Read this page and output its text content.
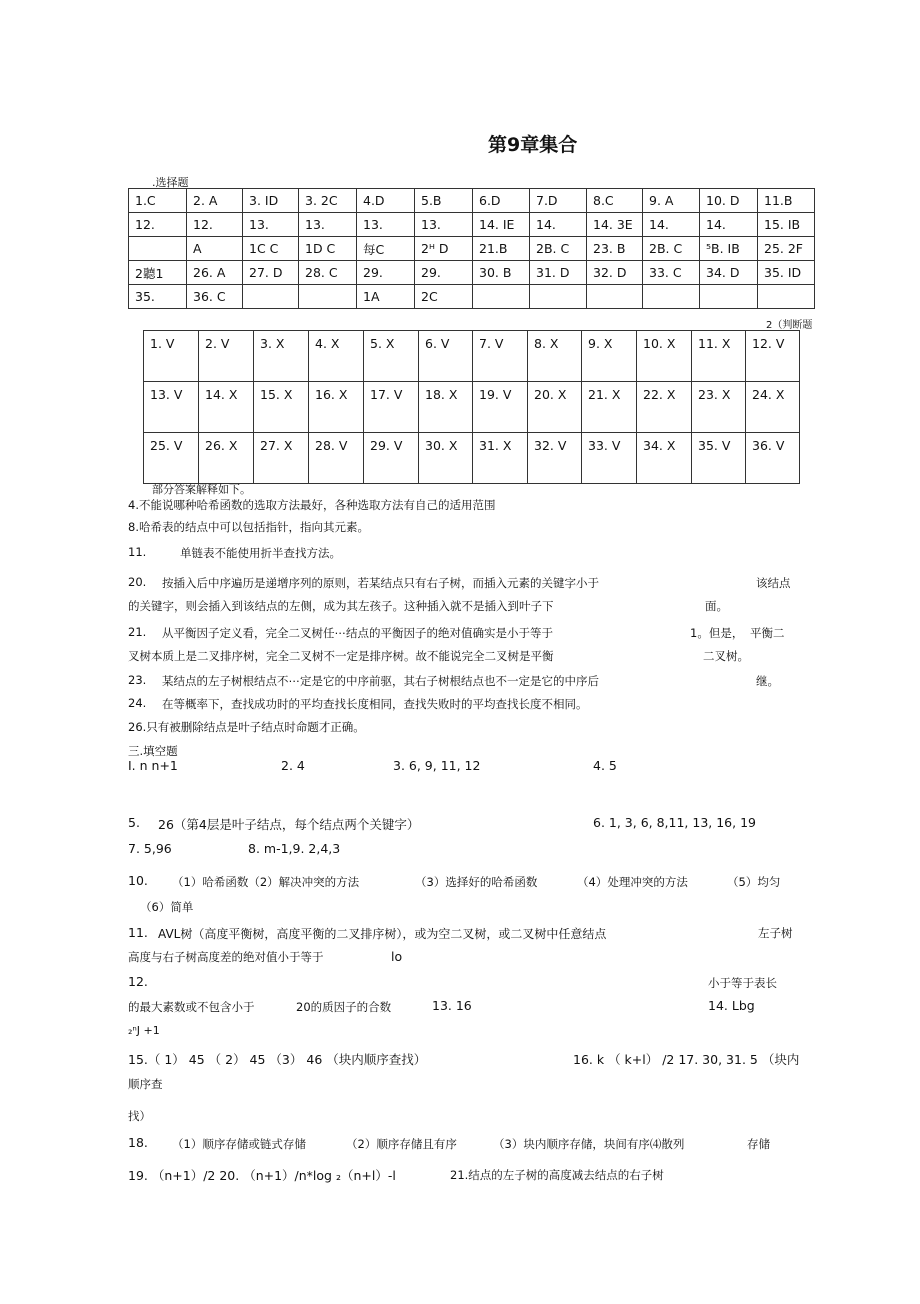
第9章集合
.选择题
1.C	2. A	3. ID	3. 2C	4.D	5.B	6.D	7.D	8.C	9. A	10. D	11.B
12.	12.	13.	13.	13.	13.	14. IE	14.	14. 3E	14.	14.	15. IB
	A	1C C	1D C	每C	2ᴴ D	21.B	2B. C	23. B	2B. C	⁵B. IB	25. 2F
2聽1	26. A	27. D	28. C	29.	29.	30. B	31. D	32. D	33. C	34. D	35. ID
35.	36. C			1A	2C						
2（判断题
1. V	2. V	3. X	4. X	5. X	6. V	7. V	8. X	9. X	10. X	11. X	12. V
13. V	14. X	15. X	16. X	17. V	18. X	19. V	20. X	21. X	22. X	23. X	24. X
25. V	26. X	27. X	28. V	29. V	30. X	31. X	32. V	33. V	34. X	35. V	36. V
部分答案解释如下。
4.不能说哪种哈希函数的选取方法最好，各种选取方法有自己的适用范围
8.哈希表的结点中可以包括指针，指向其元素。
11.	单链表不能使用折半查找方法。
20. 按插入后中序遍历是递增序列的原则，若某结点只有右子树，而插入元素的关键字小于	该结点
的关键字，则会插入到该结点的左侧，成为其左孩子。这种插入就不是插入到叶子下	面。
21. 从平衡因子定义看，完全二叉树任⋯结点的平衡因子的绝对值确实是小于等于	1。但是， 平衡二
叉树本质上是二叉排序树，完全二叉树不一定是排序树。故不能说完全二叉树是平衡	二叉树。
23. 某结点的左子树根结点不⋯定是它的中序前驱，其右子树根结点也不一定是它的中序后	继。
24. 在等概率下，查找成功时的平均查找长度相同，查找失败时的平均查找长度不相同。
26.只有被删除结点是叶子结点时命题才正确。
三.填空题
I. n n+1	2. 4	3. 6, 9, 11, 12	4. 5
5. 26（第4层是叶子结点，每个结点两个关键字）	6. 1, 3, 6, 8,11, 13, 16, 19
7. 5,96	8. m-1,9. 2,4,3
10. （1）哈希函数（2）解决冲突的方法	（3）选择好的哈希函数	（4）处理冲突的方法	（5）均匀
（6）简单
11. AVL树（高度平衡树，高度平衡的二叉排序树），或为空二叉树，或二叉树中任意结点	左子树
高度与右子树高度差的绝对值小于等于	lo
12.	小于等于表长
的最大素数或不包含小于	20的质因子的合数	13. 16	14. Lbg
₂ⁿJ +1
15.（ 1） 45 （ 2） 45 （3） 46 （块内顺序查找）	16. k （ k+l） /2 17. 30, 31. 5 （块内
顺序查
找）
18. （1）顺序存储或链式存储	（2）顺序存储且有序	（3）块内顺序存储，块间有序⑷散列	存储
19. （n+1）/2 20. （n+1）/n*log ₂（n+l）-l	21.结点的左子树的高度减去结点的右子树
